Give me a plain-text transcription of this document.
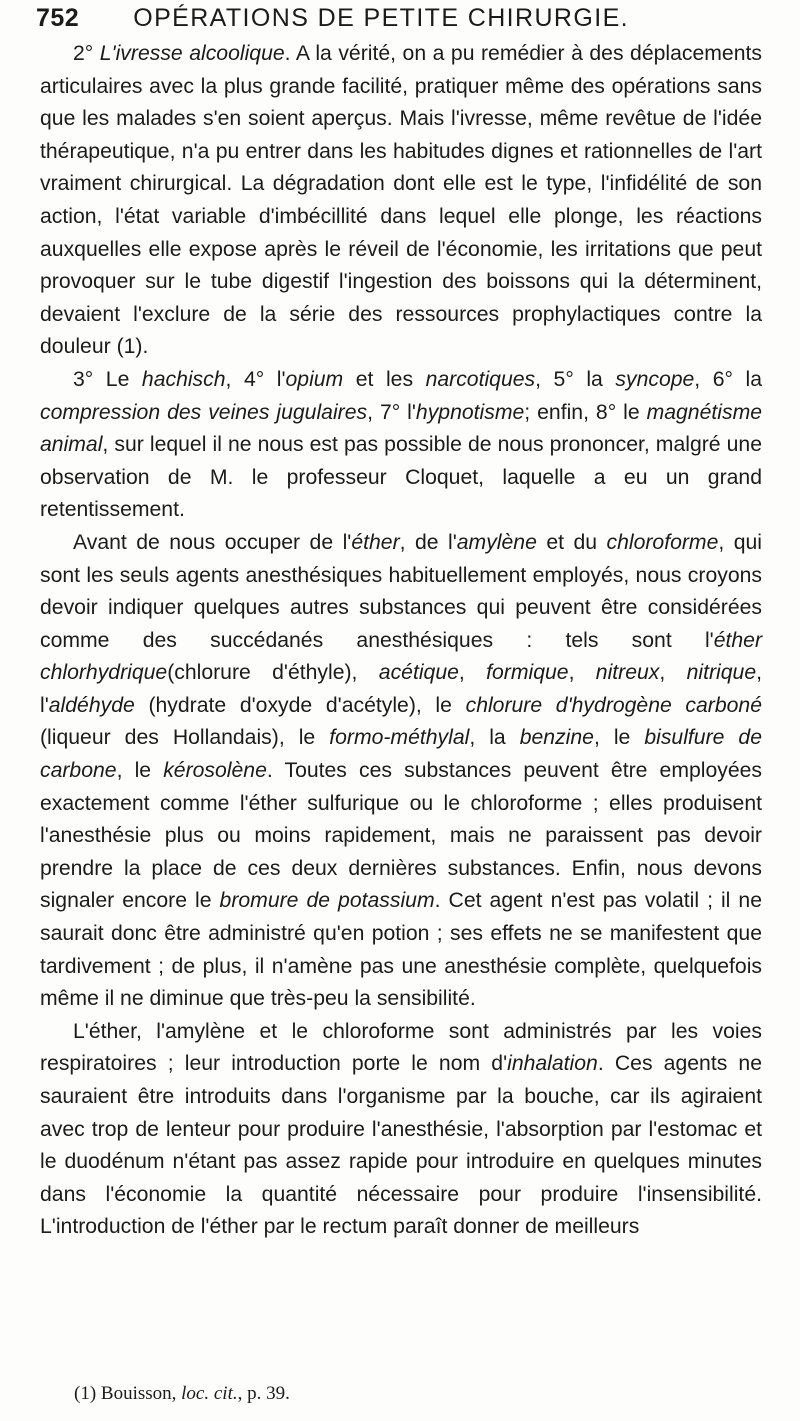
752 OPÉRATIONS DE PETITE CHIRURGIE.

2° L'ivresse alcoolique. A la vérité, on a pu remédier à des déplacements articulaires avec la plus grande facilité, pratiquer même des opérations sans que les malades s'en soient aperçus. Mais l'ivresse, même revêtue de l'idée thérapeutique, n'a pu entrer dans les habitudes dignes et rationnelles de l'art vraiment chirurgical. La dégradation dont elle est le type, l'infidélité de son action, l'état variable d'imbécillité dans lequel elle plonge, les réactions auxquelles elle expose après le réveil de l'économie, les irritations que peut provoquer sur le tube digestif l'ingestion des boissons qui la déterminent, devaient l'exclure de la série des ressources prophylactiques contre la douleur (1).

3° Le hachisch, 4° l'opium et les narcotiques, 5° la syncope, 6° la compression des veines jugulaires, 7° l'hypnotisme; enfin, 8° le magnétisme animal, sur lequel il ne nous est pas possible de nous prononcer, malgré une observation de M. le professeur Cloquet, laquelle a eu un grand retentissement.

Avant de nous occuper de l'éther, de l'amylène et du chloroforme, qui sont les seuls agents anesthésiques habituellement employés, nous croyons devoir indiquer quelques autres substances qui peuvent être considérées comme des succédanés anesthésiques : tels sont l'éther chlorhydrique(chlorure d'éthyle), acétique, formique, nitreux, nitrique, l'aldéhyde (hydrate d'oxyde d'acétyle), le chlorure d'hydrogène carboné (liqueur des Hollandais), le formo-méthylal, la benzine, le bisulfure de carbone, le kérosolène. Toutes ces substances peuvent être employées exactement comme l'éther sulfurique ou le chloroforme ; elles produisent l'anesthésie plus ou moins rapidement, mais ne paraissent pas devoir prendre la place de ces deux dernières substances. Enfin, nous devons signaler encore le bromure de potassium. Cet agent n'est pas volatil ; il ne saurait donc être administré qu'en potion ; ses effets ne se manifestent que tardivement ; de plus, il n'amène pas une anesthésie complète, quelquefois même il ne diminue que très-peu la sensibilité.

L'éther, l'amylène et le chloroforme sont administrés par les voies respiratoires ; leur introduction porte le nom d'inhalation. Ces agents ne sauraient être introduits dans l'organisme par la bouche, car ils agiraient avec trop de lenteur pour produire l'anesthésie, l'absorption par l'estomac et le duodénum n'étant pas assez rapide pour introduire en quelques minutes dans l'économie la quantité nécessaire pour produire l'insensibilité. L'introduction de l'éther par le rectum paraît donner de meilleurs

(1) Bouisson, loc. cit., p. 39.
